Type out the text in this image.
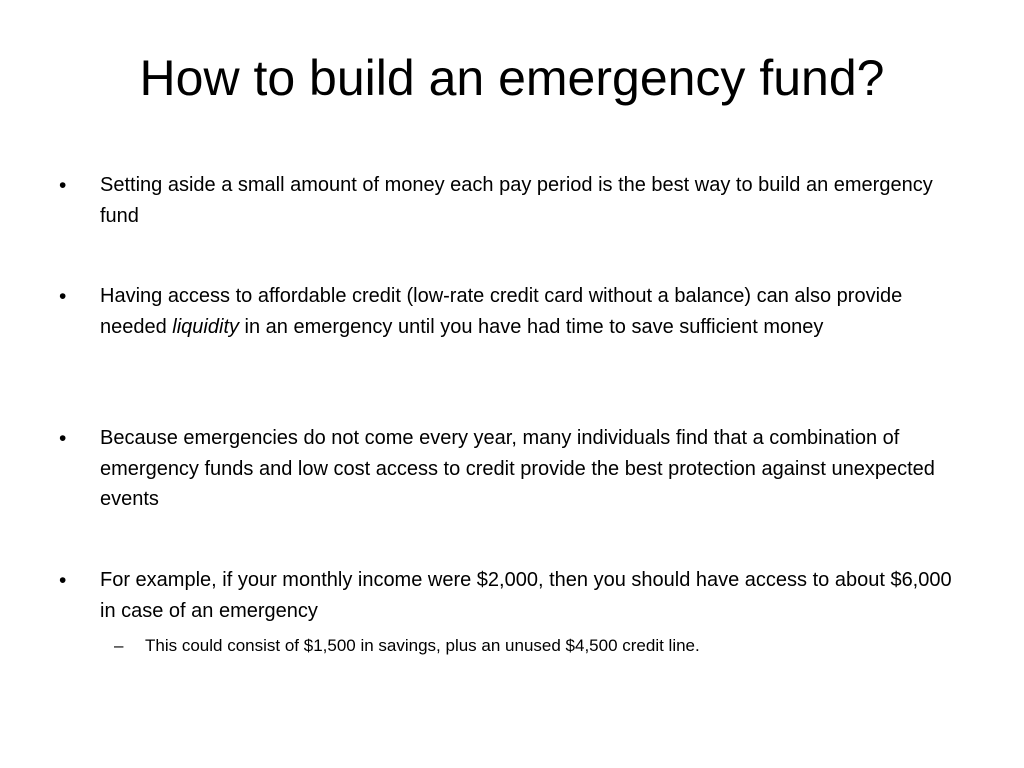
How to build an emergency fund?
• Setting aside a small amount of money each pay period is the best way to build an emergency fund
• Having access to affordable credit (low-rate credit card without a balance) can also provide needed liquidity in an emergency until you have had time to save sufficient money
• Because emergencies do not come every year, many individuals find that a combination of emergency funds and low cost access to credit provide the best protection against unexpected events
• For example, if your monthly income were $2,000, then you should have access to about $6,000 in case of an emergency
– This could consist of $1,500 in savings, plus an unused $4,500 credit line.
